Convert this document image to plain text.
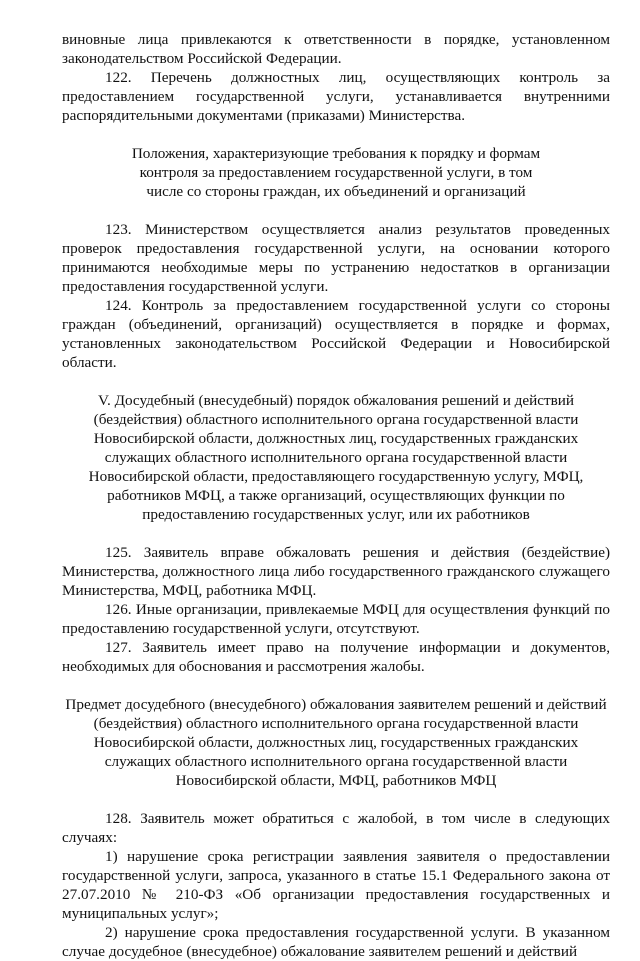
виновные лица привлекаются к ответственности в порядке, установленном законодательством Российской Федерации.

122. Перечень должностных лиц, осуществляющих контроль за предоставлением государственной услуги, устанавливается внутренними распорядительными документами (приказами) Министерства.

Положения, характеризующие требования к порядку и формам
контроля за предоставлением государственной услуги, в том
числе со стороны граждан, их объединений и организаций

123. Министерством осуществляется анализ результатов проведенных проверок предоставления государственной услуги, на основании которого принимаются необходимые меры по устранению недостатков в организации предоставления государственной услуги.

124. Контроль за предоставлением государственной услуги со стороны граждан (объединений, организаций) осуществляется в порядке и формах, установленных законодательством Российской Федерации и Новосибирской области.

V. Досудебный (внесудебный) порядок обжалования решений и действий
(бездействия) областного исполнительного органа государственной власти
Новосибирской области, должностных лиц, государственных гражданских
служащих областного исполнительного органа государственной власти
Новосибирской области, предоставляющего государственную услугу, МФЦ,
работников МФЦ, а также организаций, осуществляющих функции по
предоставлению государственных услуг, или их работников

125. Заявитель вправе обжаловать решения и действия (бездействие) Министерства, должностного лица либо государственного гражданского служащего Министерства, МФЦ, работника МФЦ.

126. Иные организации, привлекаемые МФЦ для осуществления функций по предоставлению государственной услуги, отсутствуют.

127. Заявитель имеет право на получение информации и документов, необходимых для обоснования и рассмотрения жалобы.

Предмет досудебного (внесудебного) обжалования заявителем решений и действий
(бездействия) областного исполнительного органа государственной власти
Новосибирской области, должностных лиц, государственных гражданских
служащих областного исполнительного органа государственной власти
Новосибирской области, МФЦ, работников МФЦ

128. Заявитель может обратиться с жалобой, в том числе в следующих случаях:

1) нарушение срока регистрации заявления заявителя о предоставлении государственной услуги, запроса, указанного в статье 15.1 Федерального закона от 27.07.2010 № 210-ФЗ «Об организации предоставления государственных и муниципальных услуг»;

2) нарушение срока предоставления государственной услуги. В указанном случае досудебное (внесудебное) обжалование заявителем решений и действий
